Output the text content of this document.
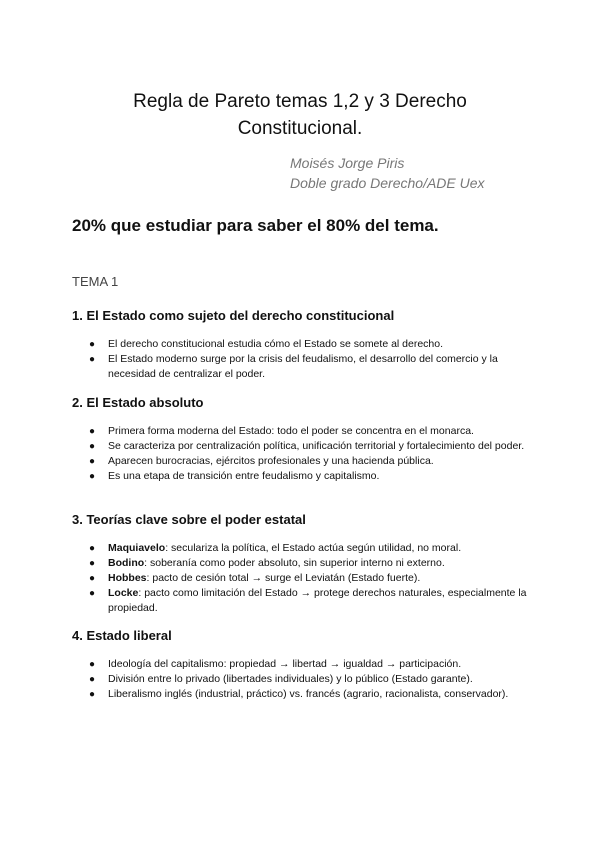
Regla de Pareto temas 1,2 y 3 Derecho
Constitucional.
Moisés Jorge Piris
Doble grado Derecho/ADE Uex
20% que estudiar para saber el 80% del tema.
TEMA 1
1. El Estado como sujeto del derecho constitucional
● El derecho constitucional estudia cómo el Estado se somete al derecho.
● El Estado moderno surge por la crisis del feudalismo, el desarrollo del comercio y la necesidad de centralizar el poder.
2. El Estado absoluto
● Primera forma moderna del Estado: todo el poder se concentra en el monarca.
● Se caracteriza por centralización política, unificación territorial y fortalecimiento del poder.
● Aparecen burocracias, ejércitos profesionales y una hacienda pública.
● Es una etapa de transición entre feudalismo y capitalismo.
3. Teorías clave sobre el poder estatal
● Maquiavelo: seculariza la política, el Estado actúa según utilidad, no moral.
● Bodino: soberanía como poder absoluto, sin superior interno ni externo.
● Hobbes: pacto de cesión total → surge el Leviatán (Estado fuerte).
● Locke: pacto como limitación del Estado → protege derechos naturales, especialmente la propiedad.
4. Estado liberal
● Ideología del capitalismo: propiedad → libertad → igualdad → participación.
● División entre lo privado (libertades individuales) y lo público (Estado garante).
● Liberalismo inglés (industrial, práctico) vs. francés (agrario, racionalista, conservador).
